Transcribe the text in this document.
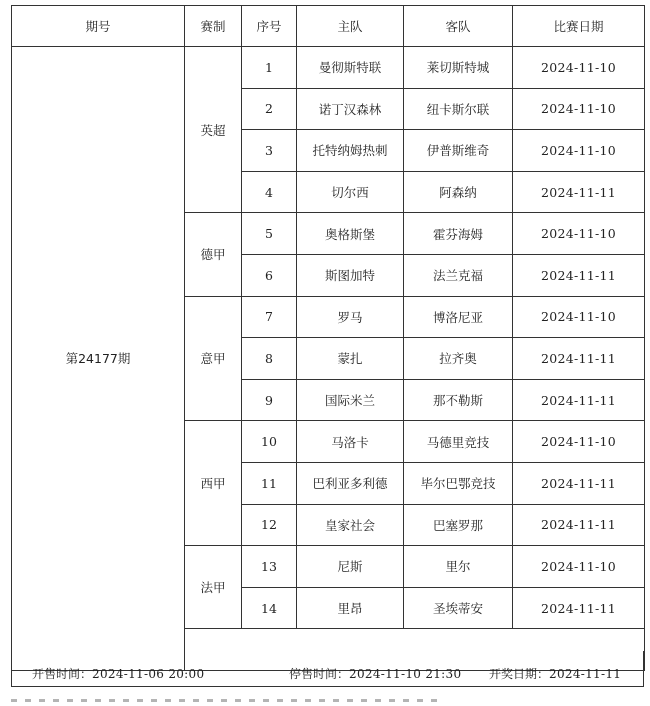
期号	赛制	序号	主队	客队	比赛日期
第24177期	英超	1	曼彻斯特联	莱切斯特城	2024-11-10
		2	诺丁汉森林	纽卡斯尔联	2024-11-10
		3	托特纳姆热刺	伊普斯维奇	2024-11-10
		4	切尔西	阿森纳	2024-11-11
	德甲	5	奥格斯堡	霍芬海姆	2024-11-10
		6	斯图加特	法兰克福	2024-11-11
	意甲	7	罗马	博洛尼亚	2024-11-10
		8	蒙扎	拉齐奥	2024-11-11
		9	国际米兰	那不勒斯	2024-11-11
	西甲	10	马洛卡	马德里竞技	2024-11-10
		11	巴利亚多利德	毕尔巴鄂竞技	2024-11-11
		12	皇家社会	巴塞罗那	2024-11-11
	法甲	13	尼斯	里尔	2024-11-10
		14	里昂	圣埃蒂安	2024-11-11

开售时间：2024-11-06 20:00	停售时间：2024-11-10 21:30 开奖日期：2024-11-11
